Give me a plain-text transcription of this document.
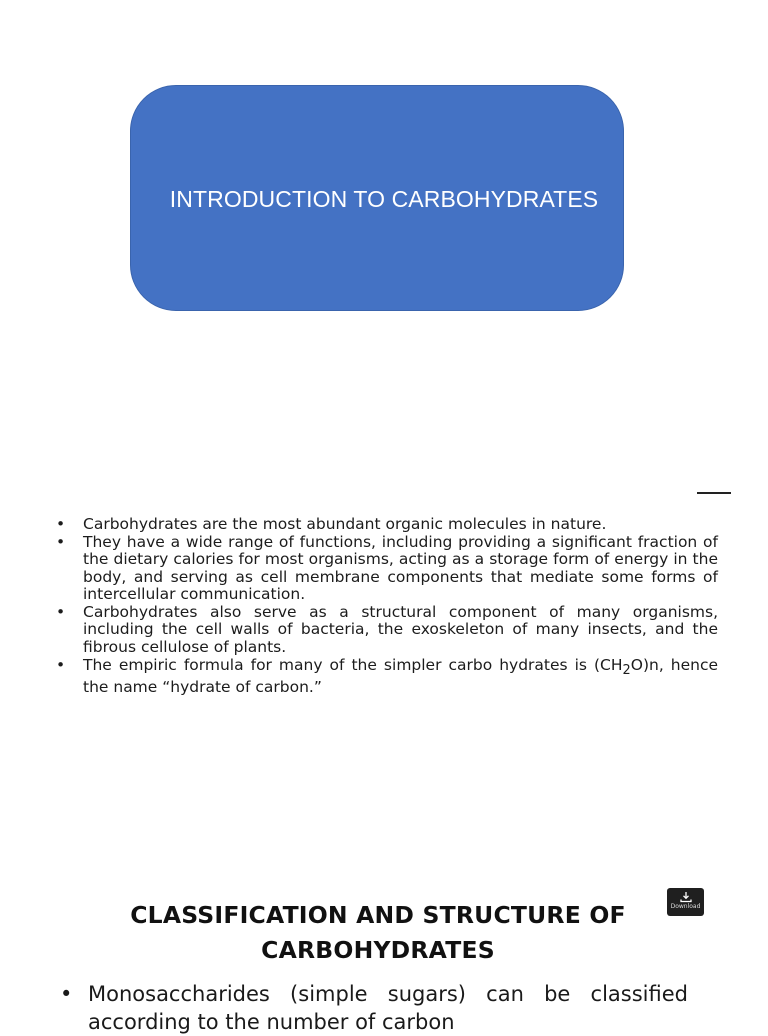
INTRODUCTION TO CARBOHYDRATES
• Carbohydrates are the most abundant organic molecules in nature.
• They have a wide range of functions, including providing a significant fraction of the dietary calories for most organisms, acting as a storage form of energy in the body, and serving as cell membrane components that mediate some forms of intercellular communication.
• Carbohydrates also serve as a structural component of many organisms, including the cell walls of bacteria, the exoskeleton of many insects, and the fibrous cellulose of plants.
• The empiric formula for many of the simpler carbo hydrates is $(CH_2O)n$, hence the name “hydrate of carbon.”
CLASSIFICATION AND STRUCTURE OF
CARBOHYDRATES
• Monosaccharides (simple sugars) can be classified according to the number of carbon
Download
